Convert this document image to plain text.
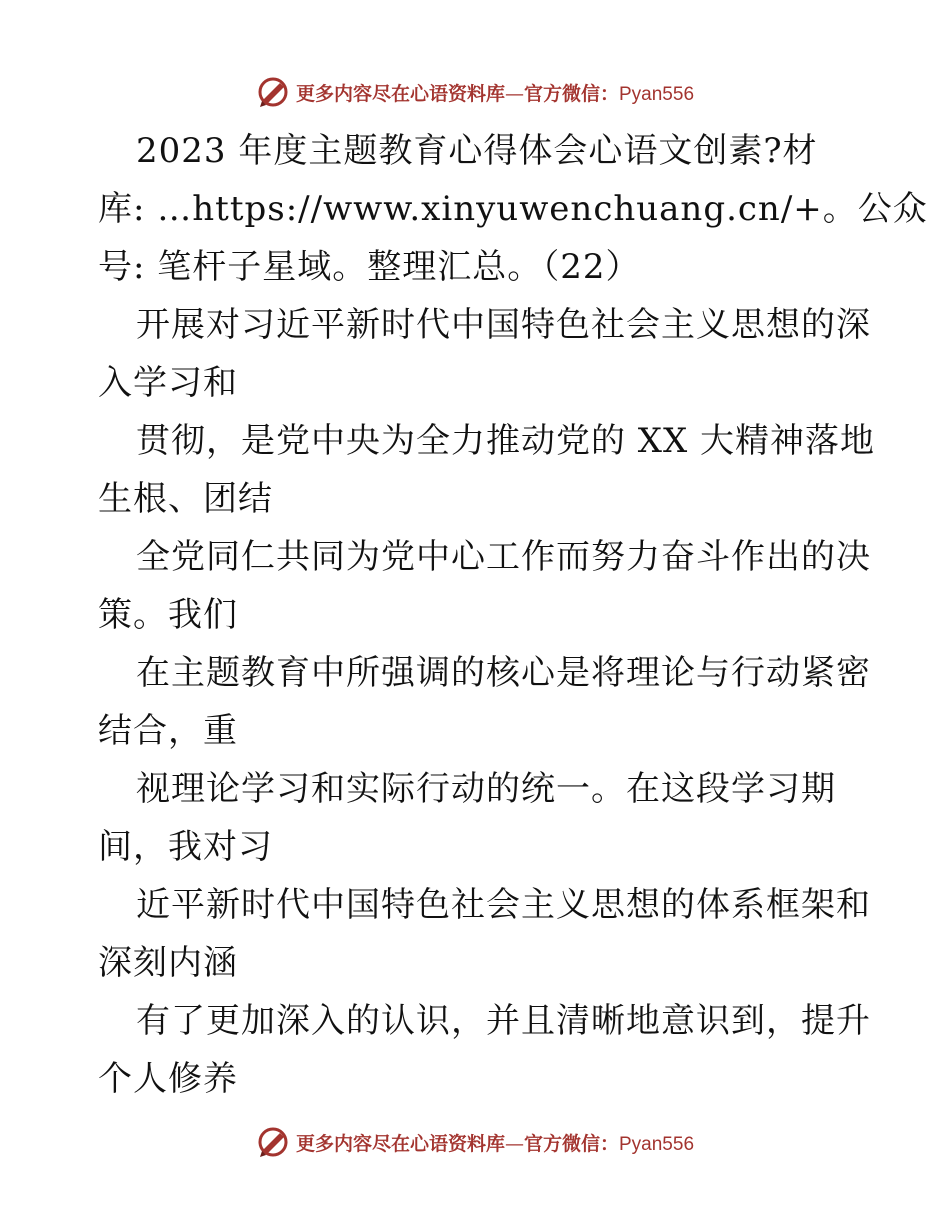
更多内容尽在心语资料库—官方微信：Pyan556
2023 年度主题教育心得体会心语文创素?材
库: …https://www.xinyuwenchuang.cn/+。公众
号: 笔杆子星域。整理汇总。（22）
开展对习近平新时代中国特色社会主义思想的深
入学习和
贯彻，是党中央为全力推动党的 XX 大精神落地
生根、团结
全党同仁共同为党中心工作而努力奋斗作出的决
策。我们
在主题教育中所强调的核心是将理论与行动紧密
结合，重
视理论学习和实际行动的统一。在这段学习期
间，我对习
近平新时代中国特色社会主义思想的体系框架和
深刻内涵
有了更加深入的认识，并且清晰地意识到，提升
个人修养
更多内容尽在心语资料库—官方微信：Pyan556
